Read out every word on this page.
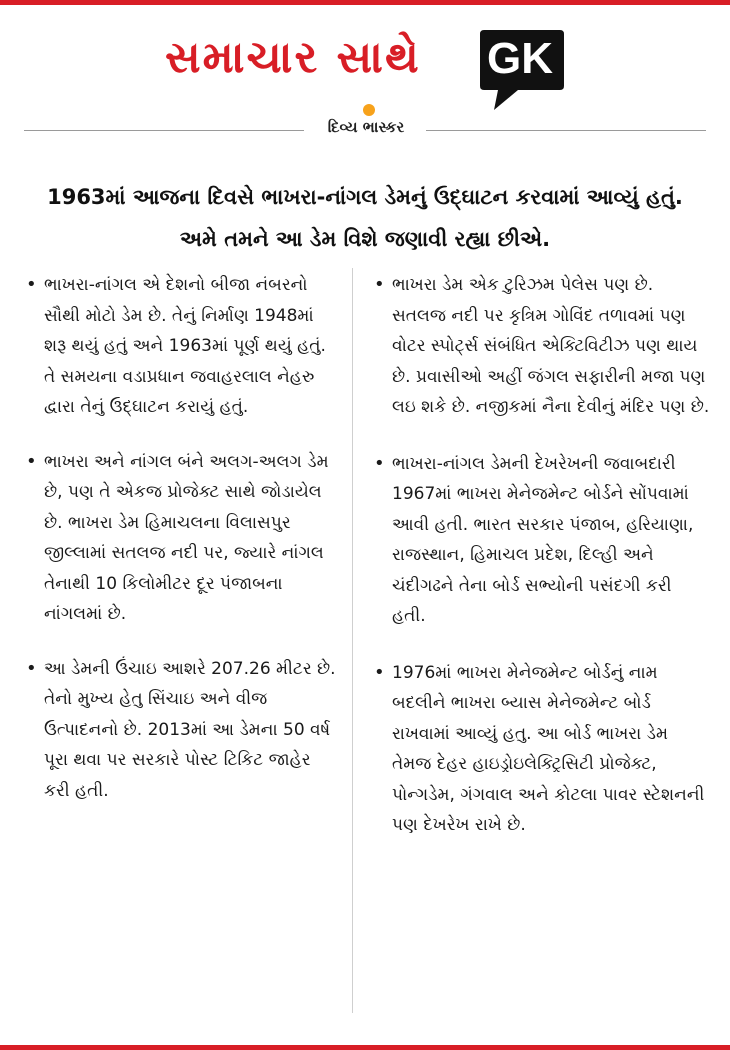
સમાચાર સાથે GK
દિવ્ય ભાસ્કર
1963માં આજના દિવસે ભાખરા-નાંગલ ડેમનું ઉદ્ઘાટન કરવામાં આવ્યું હતું. અમે તમને આ ડેમ વિશે જણાવી રહ્યા છીએ.
• ભાખરા-નાંગલ એ દેશનો બીજા નંબરનો સૌથી મોટો ડેમ છે. તેનું નિર્માણ 1948માં શરૂ થયું હતું અને 1963માં પૂર્ણ થયું હતું. તે સમયના વડાપ્રધાન જવાહરલાલ નેહરુ દ્વારા તેનું ઉદ્ઘાટન કરાયું હતું.
• ભાખરા અને નાંગલ બંને અલગ-અલગ ડેમ છે, પણ તે એકજ પ્રોજેક્ટ સાથે જોડાયેલ છે. ભાખરા ડેમ હિમાચલના વિલાસપુર જીલ્લામાં સતલજ નદી પર, જ્યારે નાંગલ તેનાથી 10 કિલોમીટર દૂર પંજાબના નાંગલમાં છે.
• આ ડેમની ઉંચાઇ આશરે 207.26 મીટર છે. તેનો મુખ્ય હેતુ સિંચાઇ અને વીજ ઉત્પાદનનો છે. 2013માં આ ડેમના 50 વર્ષ પૂરા થવા પર સરકારે પોસ્ટ ટિકિટ જાહેર કરી હતી.
• ભાખરા ડેમ એક ટુરિઝમ પેલેસ પણ છે. સતલજ નદી પર કૃત્રિમ ગોવિંદ તળાવમાં પણ વોટર સ્પોર્ટ્સ સંબંધિત એક્ટિવિટીઝ પણ થાય છે. પ્રવાસીઓ અહીં જંગલ સફારીની મજા પણ લઇ શકે છે. નજીકમાં નૈના દેવીનું મંદિર પણ છે.
• ભાખરા-નાંગલ ડેમની દેખરેખની જવાબદારી 1967માં ભાખરા મેનેજમેન્ટ બોર્ડને સોંપવામાં આવી હતી. ભારત સરકાર પંજાબ, હરિયાણા, રાજસ્થાન, હિમાચલ પ્રદેશ, દિલ્હી અને ચંદીગઢને તેના બોર્ડ સભ્યોની પસંદગી કરી હતી.
• 1976માં ભાખરા મેનેજમેન્ટ બોર્ડનું નામ બદલીને ભાખરા બ્યાસ મેનેજમેન્ટ બોર્ડ રાખવામાં આવ્યું હતુ. આ બોર્ડ ભાખરા ડેમ તેમજ દેહર હાઇડ્રોઇલેક્ટ્રિસિટી પ્રોજેક્ટ, પોન્ગડેમ, ગંગવાલ અને કોટલા પાવર સ્ટેશનની પણ દેખરેખ રાખે છે.
